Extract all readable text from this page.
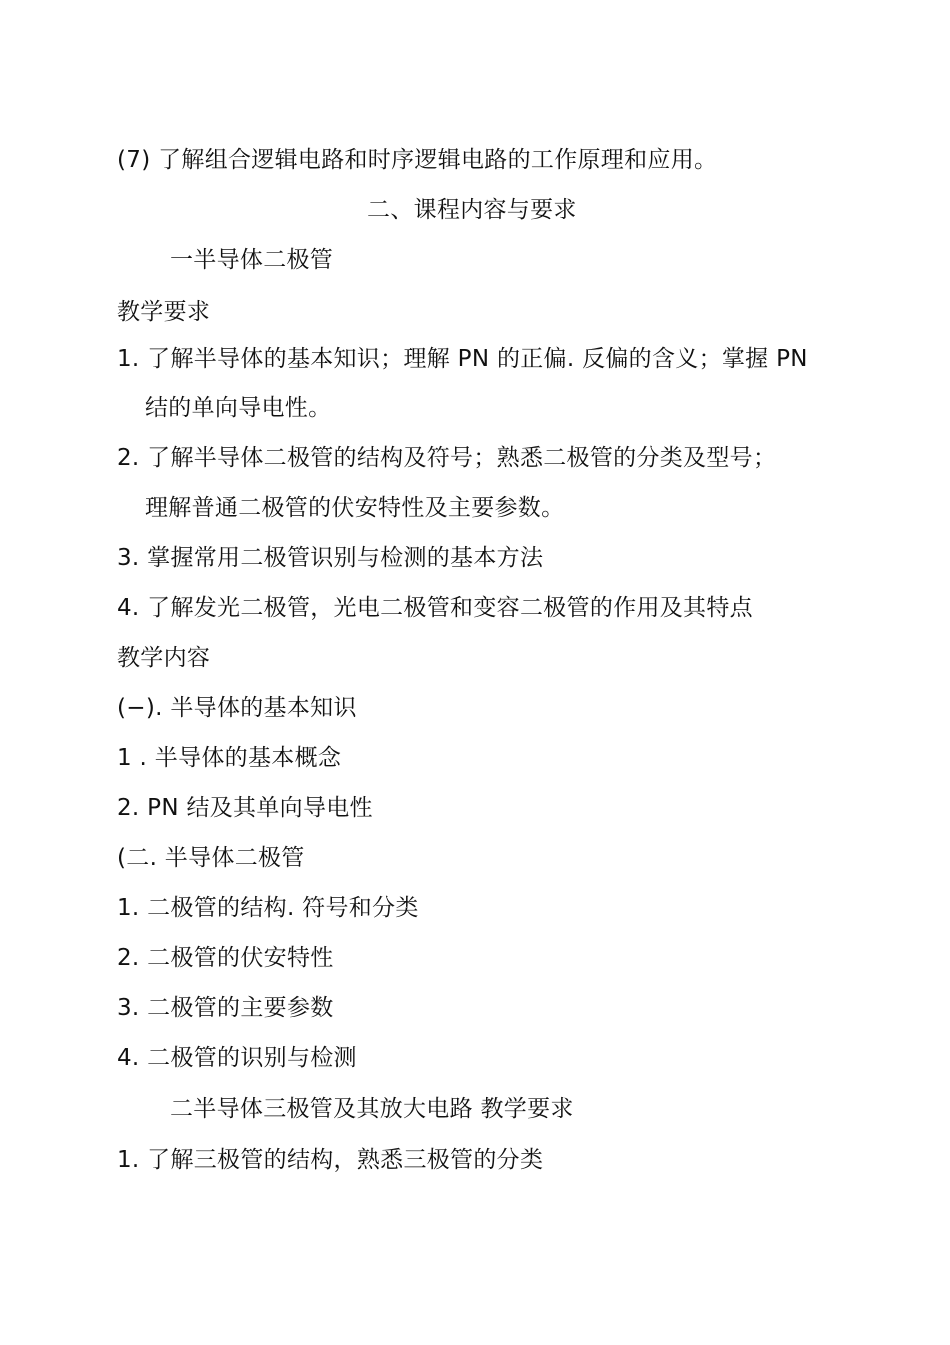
(7) 了解组合逻辑电路和时序逻辑电路的工作原理和应用。
二、课程内容与要求
一半导体二极管
教学要求
1. 了解半导体的基本知识；理解 PN 的正偏. 反偏的含义；掌握 PN
结的单向导电性。
2. 了解半导体二极管的结构及符号；熟悉二极管的分类及型号；
理解普通二极管的伏安特性及主要参数。
3. 掌握常用二极管识别与检测的基本方法
4. 了解发光二极管，光电二极管和变容二极管的作用及其特点
教学内容
(−). 半导体的基本知识
1 . 半导体的基本概念
2. PN 结及其单向导电性
(二. 半导体二极管
1. 二极管的结构. 符号和分类
2. 二极管的伏安特性
3. 二极管的主要参数
4. 二极管的识别与检测
二半导体三极管及其放大电路 教学要求
1. 了解三极管的结构，熟悉三极管的分类
